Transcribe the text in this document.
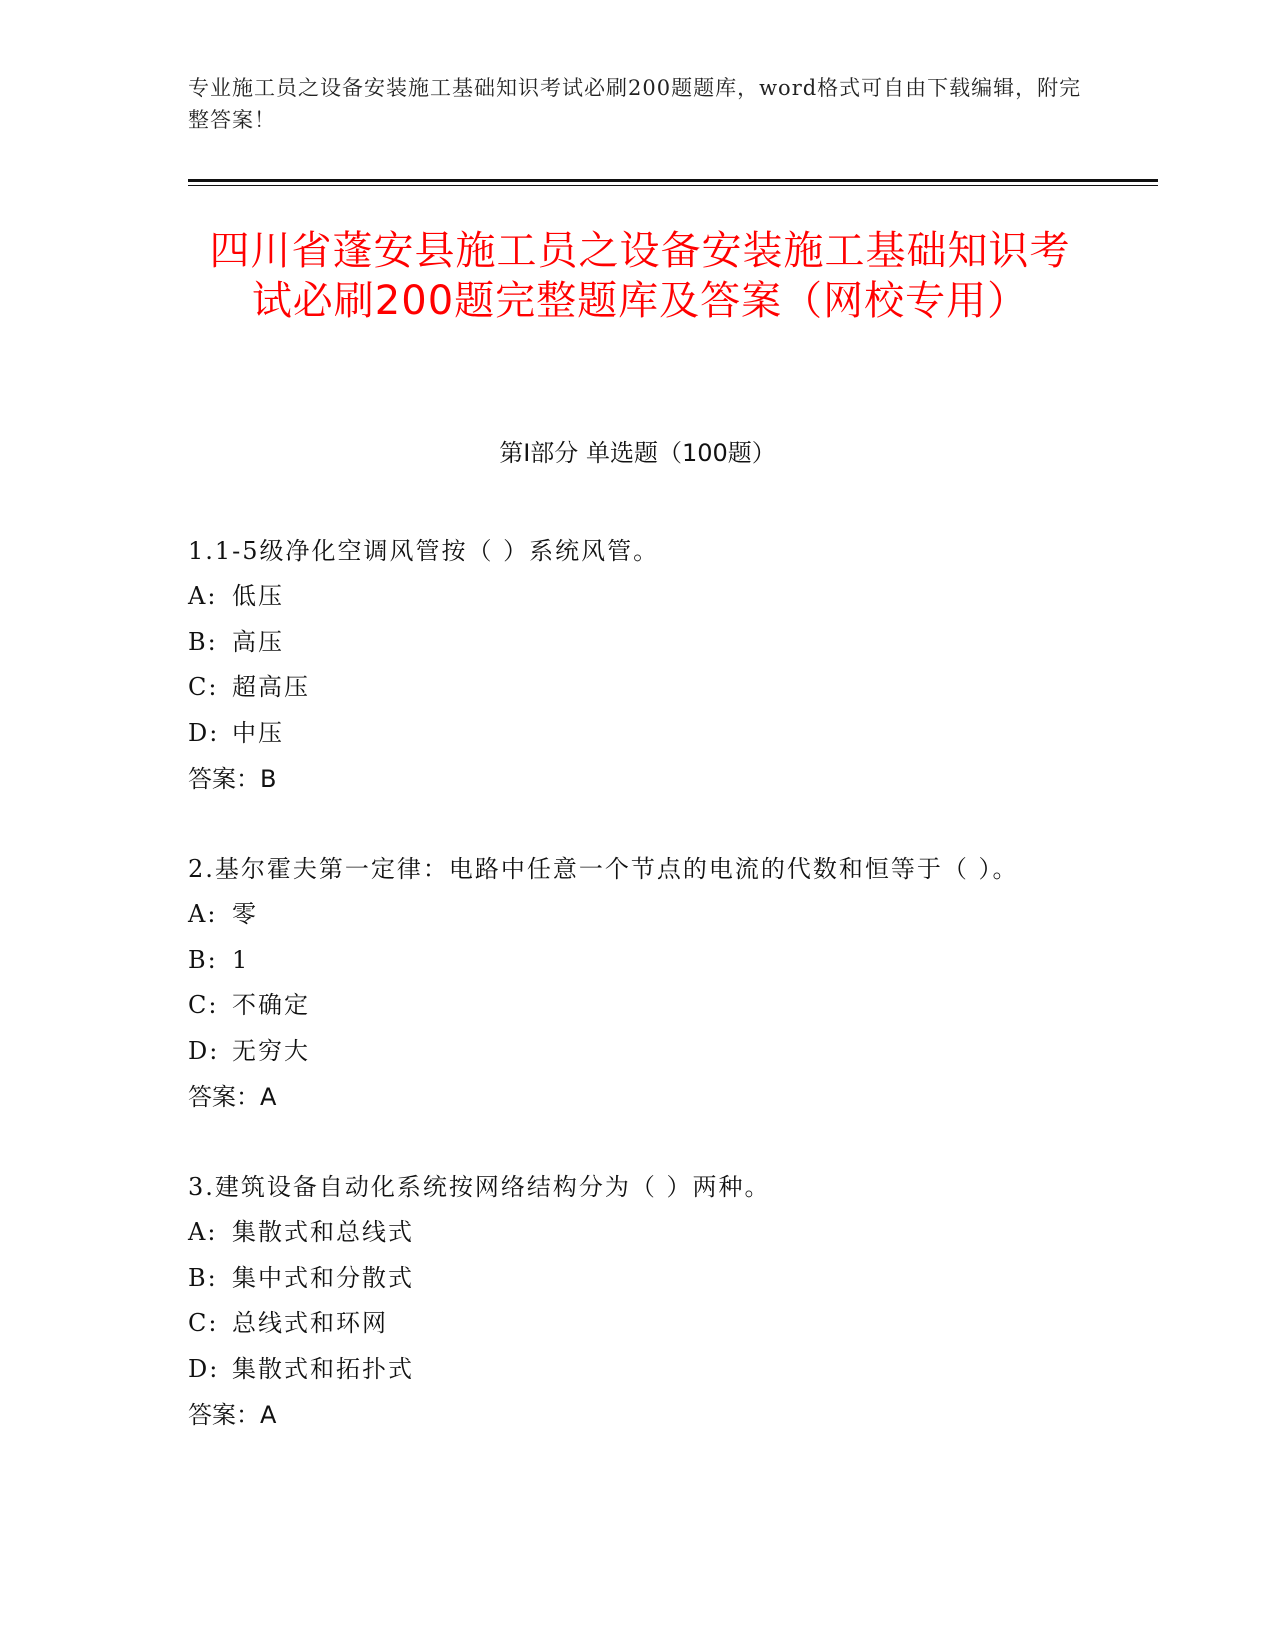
专业施工员之设备安装施工基础知识考试必刷200题题库，word格式可自由下载编辑，附完整答案！
四川省蓬安县施工员之设备安装施工基础知识考试必刷200题完整题库及答案（网校专用）
第I部分 单选题（100题）
1.1-5级净化空调风管按（ ）系统风管。
A: 低压
B: 高压
C: 超高压
D: 中压
答案：B
2.基尔霍夫第一定律：电路中任意一个节点的电流的代数和恒等于（ ）。
A: 零
B: 1
C: 不确定
D: 无穷大
答案：A
3.建筑设备自动化系统按网络结构分为（ ）两种。
A: 集散式和总线式
B: 集中式和分散式
C: 总线式和环网
D: 集散式和拓扑式
答案：A
